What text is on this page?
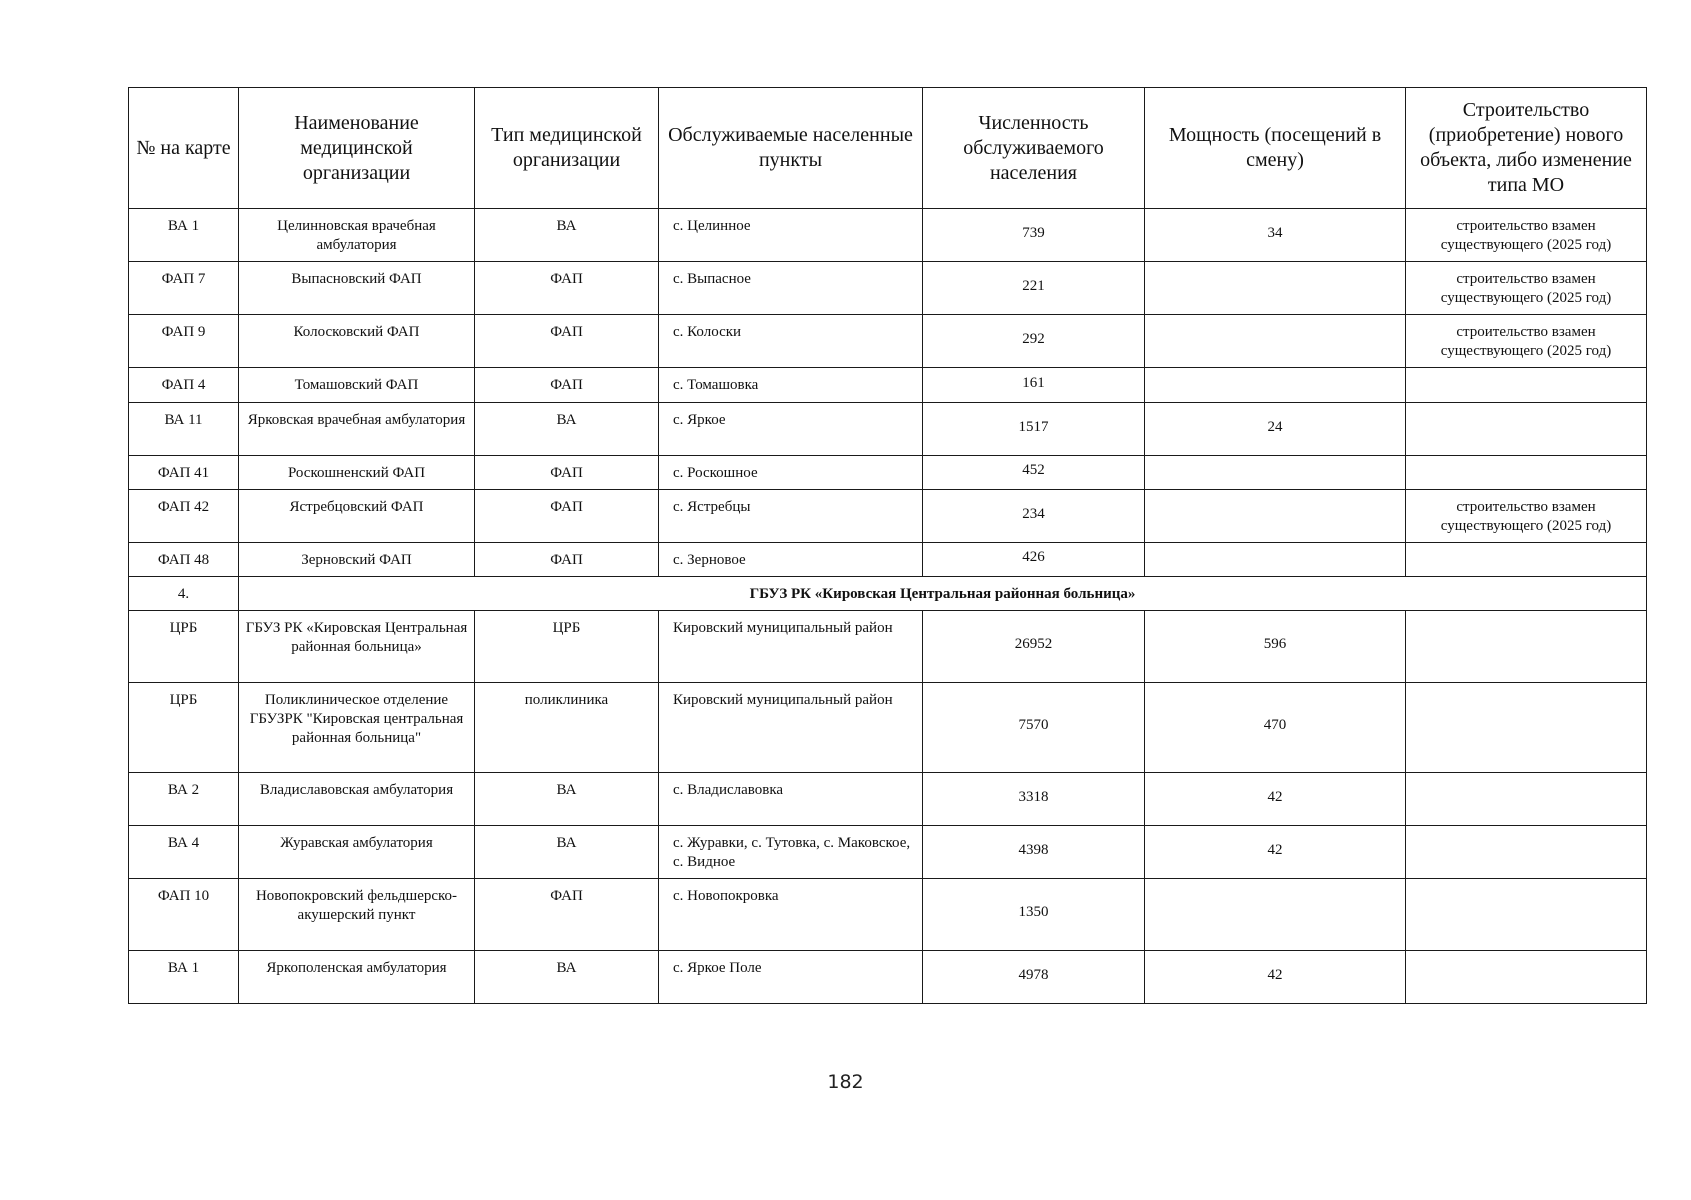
№ на карте	Наименование медицинской организации	Тип медицинской организации	Обслуживаемые населенные пункты	Численность обслуживаемого населения	Мощность (посещений в смену)	Строительство (приобретение) нового объекта, либо изменение типа МО
ВА 1	Целинновская врачебная амбулатория	ВА	с. Целинное	739	34	строительство взамен существующего (2025 год)
ФАП 7	Выпасновский ФАП	ФАП	с. Выпасное	221		строительство взамен существующего (2025 год)
ФАП 9	Колосковский ФАП	ФАП	с. Колоски	292		строительство взамен существующего (2025 год)
ФАП 4	Томашовский ФАП	ФАП	с. Томашовка	161		
ВА 11	Ярковская врачебная амбулатория	ВА	с. Яркое	1517	24	
ФАП 41	Роскошненский ФАП	ФАП	с. Роскошное	452		
ФАП 42	Ястребцовский ФАП	ФАП	с. Ястребцы	234		строительство взамен существующего (2025 год)
ФАП 48	Зерновский ФАП	ФАП	с. Зерновое	426		
4.	ГБУЗ РК «Кировская Центральная районная больница»					
ЦРБ	ГБУЗ РК «Кировская Центральная районная больница»	ЦРБ	Кировский муниципальный район	26952	596	
ЦРБ	Поликлиническое отделение ГБУЗРК "Кировская центральная районная больница"	поликлиника	Кировский муниципальный район	7570	470	
ВА 2	Владиславовская амбулатория	ВА	с. Владиславовка	3318	42	
ВА 4	Журавская амбулатория	ВА	с. Журавки, с. Тутовка, с. Маковское, с. Видное	4398	42	
ФАП 10	Новопокровский фельдшерско- акушерский пункт	ФАП	с. Новопокровка	1350		
ВА 1	Яркополенская амбулатория	ВА	с. Яркое Поле	4978	42	
182
